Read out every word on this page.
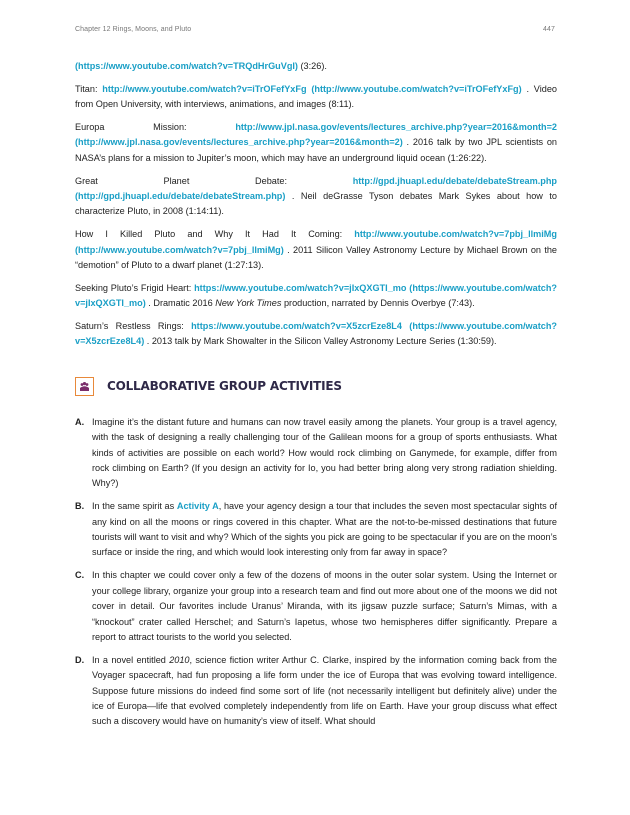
Chapter 12 Rings, Moons, and Pluto	447

(https://www.youtube.com/watch?v=TRQdHrGuVgI) (3:26).

Titan: http://www.youtube.com/watch?v=iTrOFefYxFg (http://www.youtube.com/watch?v=iTrOFefYxFg) . Video from Open University, with interviews, animations, and images (8:11).

Europa Mission: http://www.jpl.nasa.gov/events/lectures_archive.php?year=2016&month=2 (http://www.jpl.nasa.gov/events/lectures_archive.php?year=2016&month=2) . 2016 talk by two JPL scientists on NASA’s plans for a mission to Jupiter’s moon, which may have an underground liquid ocean (1:26:22).

Great Planet Debate: http://gpd.jhuapl.edu/debate/debateStream.php (http://gpd.jhuapl.edu/debate/debateStream.php) . Neil deGrasse Tyson debates Mark Sykes about how to characterize Pluto, in 2008 (1:14:11).

How I Killed Pluto and Why It Had It Coming: http://www.youtube.com/watch?v=7pbj_llmiMg (http://www.youtube.com/watch?v=7pbj_llmiMg) . 2011 Silicon Valley Astronomy Lecture by Michael Brown on the “demotion” of Pluto to a dwarf planet (1:27:13).

Seeking Pluto’s Frigid Heart: https://www.youtube.com/watch?v=jIxQXGTI_mo (https://www.youtube.com/watch?v=jIxQXGTI_mo) . Dramatic 2016 New York Times production, narrated by Dennis Overbye (7:43).

Saturn’s Restless Rings: https://www.youtube.com/watch?v=X5zcrEze8L4 (https://www.youtube.com/watch?v=X5zcrEze8L4) . 2013 talk by Mark Showalter in the Silicon Valley Astronomy Lecture Series (1:30:59).

COLLABORATIVE GROUP ACTIVITIES
A. Imagine it’s the distant future and humans can now travel easily among the planets. Your group is a travel agency, with the task of designing a really challenging tour of the Galilean moons for a group of sports enthusiasts. What kinds of activities are possible on each world? How would rock climbing on Ganymede, for example, differ from rock climbing on Earth? (If you design an activity for Io, you had better bring along very strong radiation shielding. Why?)
B. In the same spirit as Activity A, have your agency design a tour that includes the seven most spectacular sights of any kind on all the moons or rings covered in this chapter. What are the not-to-be-missed destinations that future tourists will want to visit and why? Which of the sights you pick are going to be spectacular if you are on the moon’s surface or inside the ring, and which would look interesting only from far away in space?
C. In this chapter we could cover only a few of the dozens of moons in the outer solar system. Using the Internet or your college library, organize your group into a research team and find out more about one of the moons we did not cover in detail. Our favorites include Uranus’ Miranda, with its jigsaw puzzle surface; Saturn’s Mimas, with a “knockout” crater called Herschel; and Saturn’s Iapetus, whose two hemispheres differ significantly. Prepare a report to attract tourists to the world you selected.
D. In a novel entitled 2010, science fiction writer Arthur C. Clarke, inspired by the information coming back from the Voyager spacecraft, had fun proposing a life form under the ice of Europa that was evolving toward intelligence. Suppose future missions do indeed find some sort of life (not necessarily intelligent but definitely alive) under the ice of Europa—life that evolved completely independently from life on Earth. Have your group discuss what effect such a discovery would have on humanity’s view of itself. What should
